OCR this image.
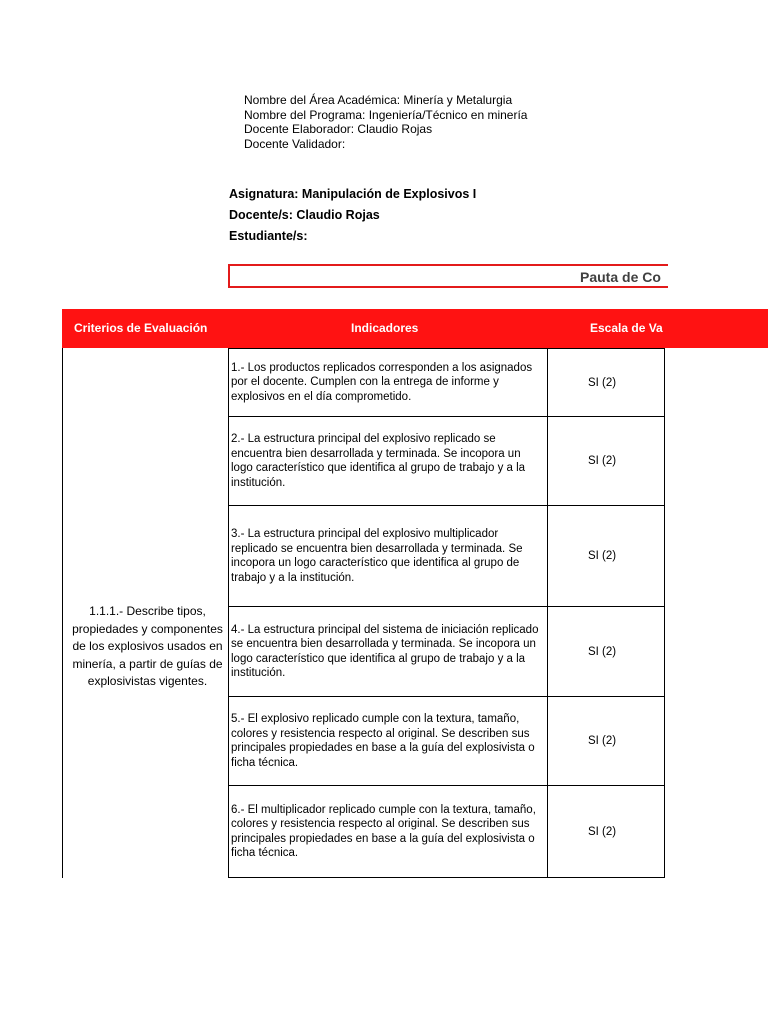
Nombre del Área Académica: Minería y Metalurgia
Nombre del Programa: Ingeniería/Técnico en minería
Docente Elaborador: Claudio Rojas
Docente Validador:
Asignatura: Manipulación de Explosivos I
Docente/s: Claudio Rojas
Estudiante/s:
Pauta de Co
Criterios de Evaluación	Indicadores	Escala de Va
1.1.1.- Describe tipos, propiedades y componentes de los explosivos usados en minería, a partir de guías de explosivistas vigentes.
1.- Los productos replicados corresponden a los asignados por el docente. Cumplen con la entrega de informe y explosivos en el día comprometido.
SI (2)
2.- La estructura principal del explosivo replicado se encuentra bien desarrollada y terminada. Se incopora un logo característico que identifica al grupo de trabajo y a la institución.
SI (2)
3.- La estructura principal del explosivo multiplicador replicado se encuentra bien desarrollada y terminada. Se incopora un logo característico que identifica al grupo de trabajo y a la institución.
SI (2)
4.- La estructura principal del sistema de iniciación replicado se encuentra bien desarrollada y terminada. Se incopora un logo característico que identifica al grupo de trabajo y a la institución.
SI (2)
5.- El explosivo replicado cumple con la textura, tamaño, colores y resistencia respecto al original. Se describen sus principales propiedades en base a la guía del explosivista o ficha técnica.
SI (2)
6.- El multiplicador replicado cumple con la textura, tamaño, colores y resistencia respecto al original. Se describen sus principales propiedades en base a la guía del explosivista o ficha técnica.
SI (2)
